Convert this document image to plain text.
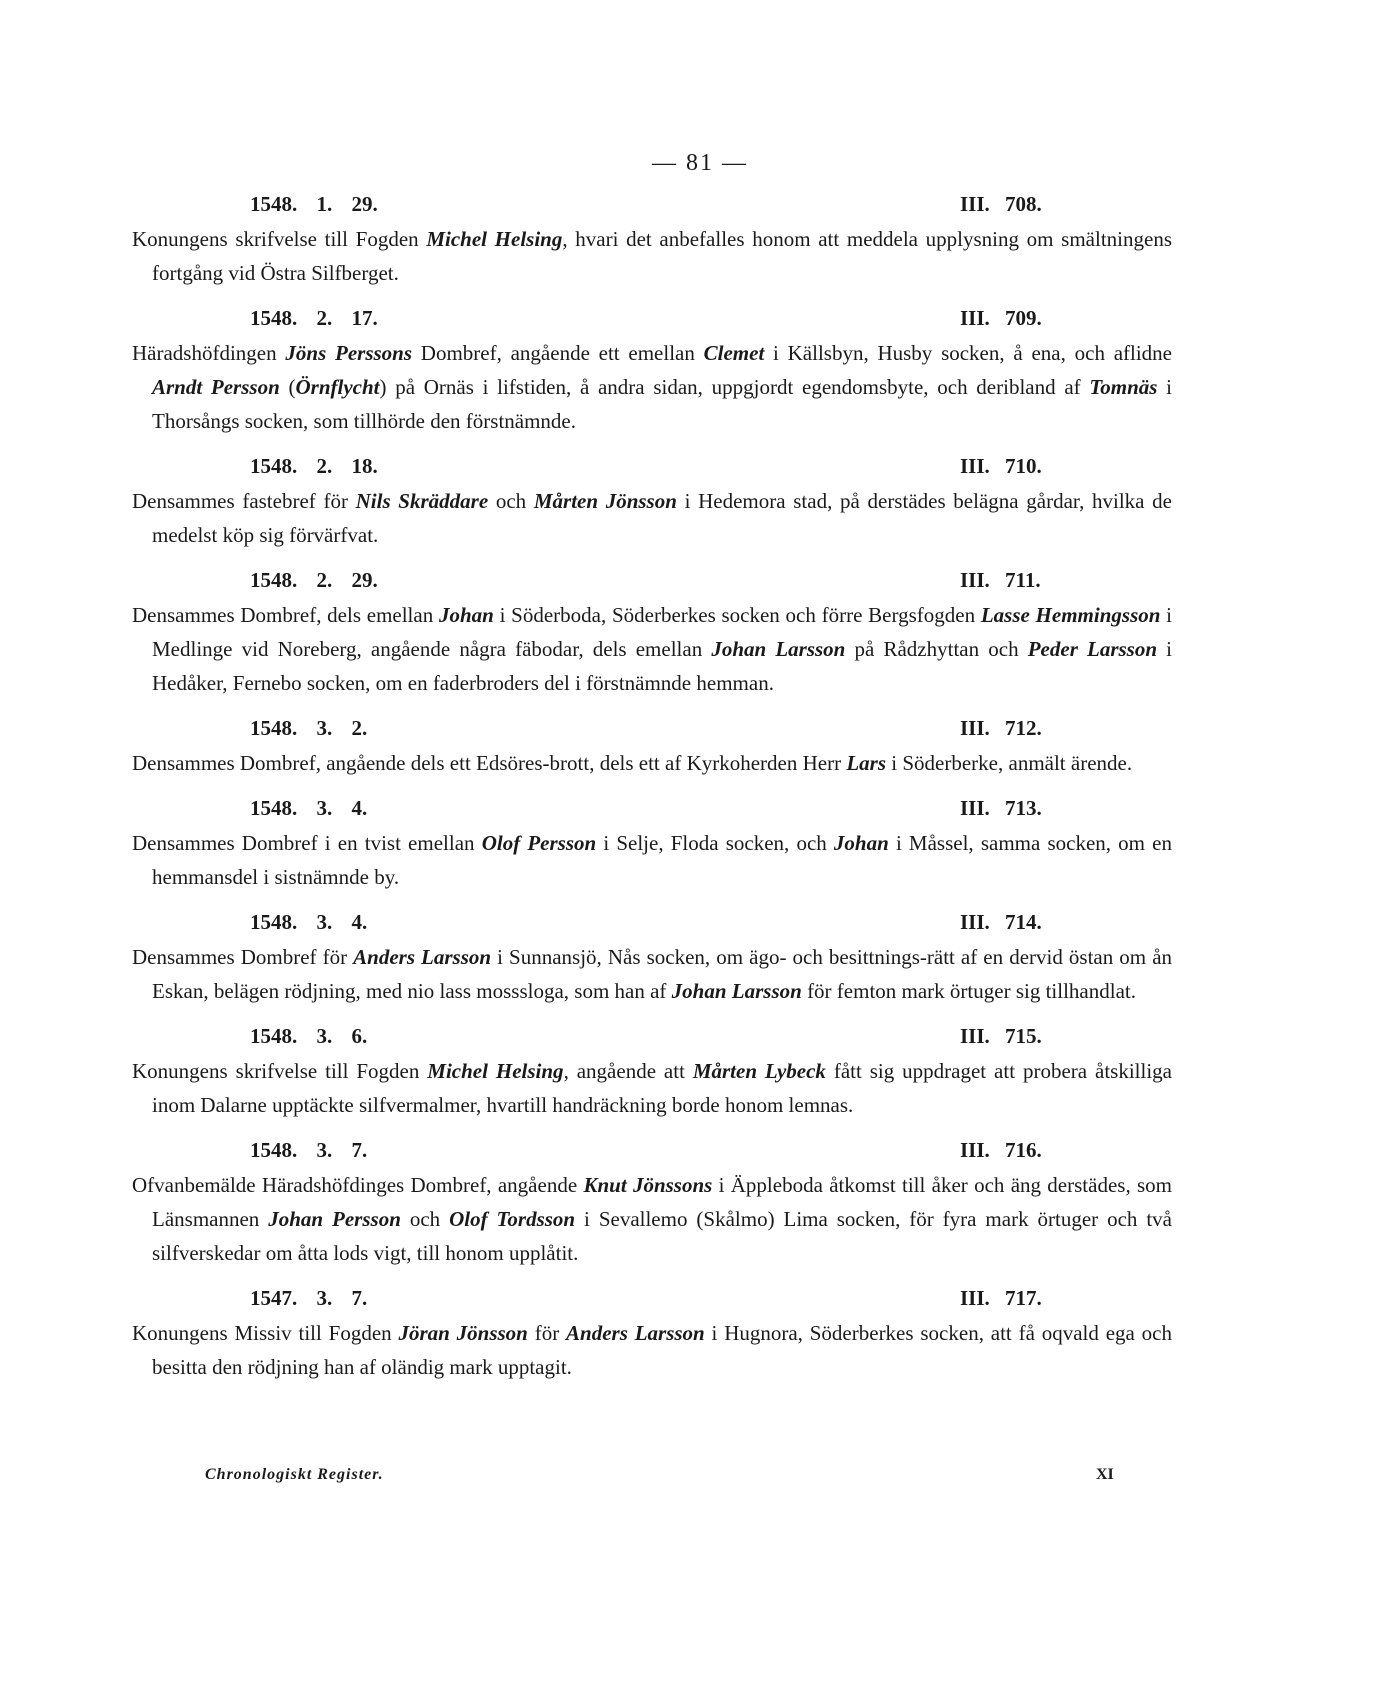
— 81 —
1548. 1. 29.	III. 708.
Konungens skrifvelse till Fogden Michel Helsing, hvari det anbefalles honom att meddela upplysning om smältningens fortgång vid Östra Silfberget.
1548. 2. 17.	III. 709.
Häradshöfdingen Jöns Perssons Dombref, angående ett emellan Clemet i Källsbyn, Husby socken, å ena, och aflidne Arndt Persson (Örnflycht) på Ornäs i lifstiden, å andra sidan, uppgjordt egendomsbyte, och deribland af Tomnäs i Thorsångs socken, som tillhörde den förstnämnde.
1548. 2. 18.	III. 710.
Densammes fastebref för Nils Skräddare och Mårten Jönsson i Hedemora stad, på derstädes belägna gårdar, hvilka de medelst köp sig förvärfvat.
1548. 2. 29.	III. 711.
Densammes Dombref, dels emellan Johan i Söderboda, Söderberkes socken och förre Bergsfogden Lasse Hemmingsson i Medlinge vid Noreberg, angående några fäbodar, dels emellan Johan Larsson på Rådzhyttan och Peder Larsson i Hedåker, Fernebo socken, om en faderbroders del i förstnämnde hemman.
1548. 3. 2.	III. 712.
Densammes Dombref, angående dels ett Edsöres-brott, dels ett af Kyrkoherden Herr Lars i Söderberke, anmält ärende.
1548. 3. 4.	III. 713.
Densammes Dombref i en tvist emellan Olof Persson i Selje, Floda socken, och Johan i Måssel, samma socken, om en hemmansdel i sistnämnde by.
1548. 3. 4.	III. 714.
Densammes Dombref för Anders Larsson i Sunnansjö, Nås socken, om ägo- och besittnings-rätt af en dervid östan om ån Eskan, belägen rödjning, med nio lass mosssloga, som han af Johan Larsson för femton mark örtuger sig tillhandlat.
1548. 3. 6.	III. 715.
Konungens skrifvelse till Fogden Michel Helsing, angående att Mårten Lybeck fått sig uppdraget att probera åtskilliga inom Dalarne upptäckte silfvermalmer, hvartill handräckning borde honom lemnas.
1548. 3. 7.	III. 716.
Ofvanbemälde Häradshöfdinges Dombref, angående Knut Jönssons i Äppleboda åtkomst till åker och äng derstädes, som Länsmannen Johan Persson och Olof Tordsson i Sevallemo (Skålmo) Lima socken, för fyra mark örtuger och två silfverskedar om åtta lods vigt, till honom upplåtit.
1547. 3. 7.	III. 717.
Konungens Missiv till Fogden Jöran Jönsson för Anders Larsson i Hugnora, Söderberkes socken, att få oqvald ega och besitta den rödjning han af oländig mark upptagit.
Chronologiskt Register.	XI
